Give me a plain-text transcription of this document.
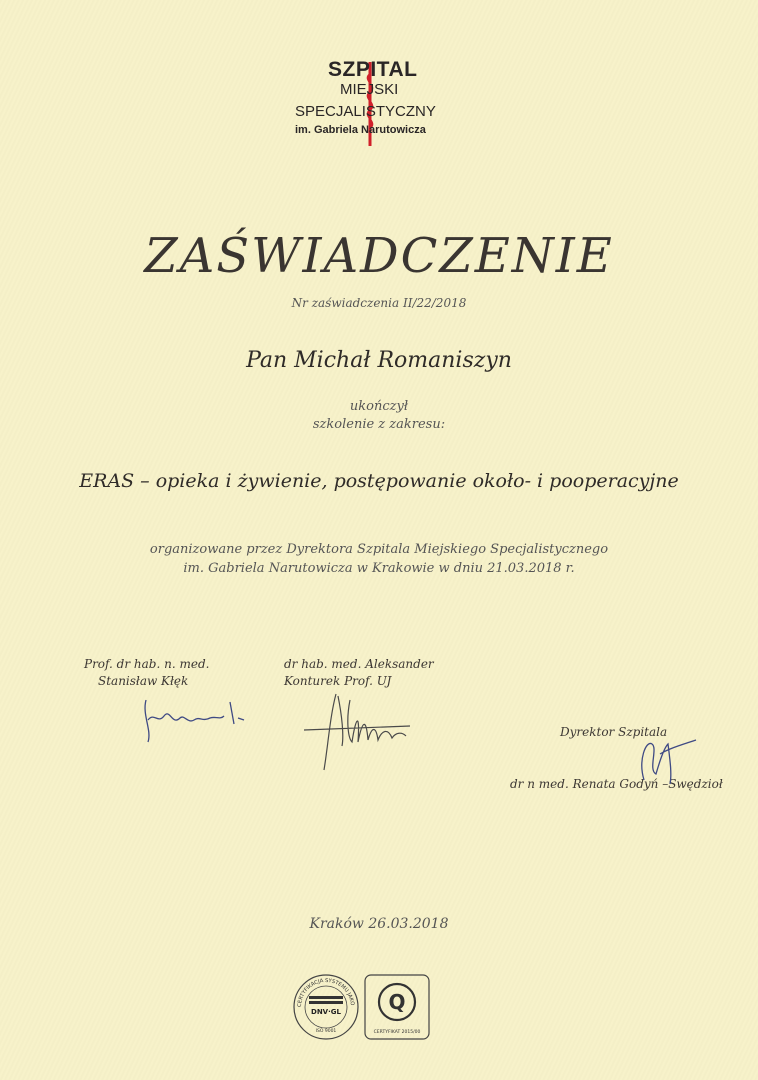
SZPITAL
MIEJSKI
SPECJALISTYCZNY
im. Gabriela Narutowicza
ZAŚWIADCZENIE
Nr zaświadczenia II/22/2018
Pan Michał Romaniszyn
ukończył
szkolenie z zakresu:
ERAS – opieka i żywienie, postępowanie około- i pooperacyjne
organizowane przez Dyrektora Szpitala Miejskiego Specjalistycznego
im. Gabriela Narutowicza w Krakowie w dniu 21.03.2018 r.
Prof. dr hab. n. med.
Stanisław Kłęk
dr hab. med. Aleksander
Konturek Prof. UJ
Dyrektor Szpitala
dr n med. Renata Godyń –Swędzioł
Kraków 26.03.2018
CERTYFIKACJA SYSTEMU JAKO
DNV·GL
ISO 9001
Q
CERTYFIKAT 2015/00
